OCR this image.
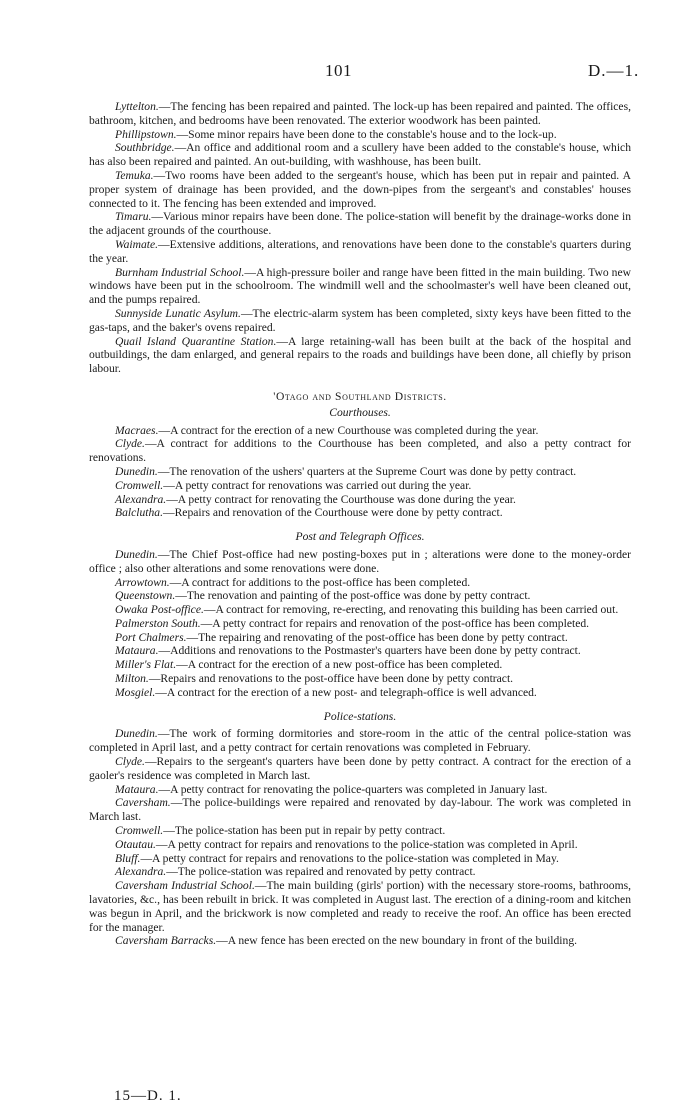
101	D.—1.

Lyttelton.—The fencing has been repaired and painted. The lock-up has been repaired and painted. The offices, bathroom, kitchen, and bedrooms have been renovated. The exterior woodwork has been painted.

Phillipstown.—Some minor repairs have been done to the constable's house and to the lock-up.

Southbridge.—An office and additional room and a scullery have been added to the constable's house, which has also been repaired and painted. An out-building, with washhouse, has been built.

Temuka.—Two rooms have been added to the sergeant's house, which has been put in repair and painted. A proper system of drainage has been provided, and the down-pipes from the sergeant's and constables' houses connected to it. The fencing has been extended and improved.

Timaru.—Various minor repairs have been done. The police-station will benefit by the drainage-works done in the adjacent grounds of the courthouse.

Waimate.—Extensive additions, alterations, and renovations have been done to the constable's quarters during the year.

Burnham Industrial School.—A high-pressure boiler and range have been fitted in the main building. Two new windows have been put in the schoolroom. The windmill well and the schoolmaster's well have been cleaned out, and the pumps repaired.

Sunnyside Lunatic Asylum.—The electric-alarm system has been completed, sixty keys have been fitted to the gas-taps, and the baker's ovens repaired.

Quail Island Quarantine Station.—A large retaining-wall has been built at the back of the hospital and outbuildings, the dam enlarged, and general repairs to the roads and buildings have been done, all chiefly by prison labour.

'Otago and Southland Districts.
Courthouses.

Macraes.—A contract for the erection of a new Courthouse was completed during the year.

Clyde.—A contract for additions to the Courthouse has been completed, and also a petty contract for renovations.

Dunedin.—The renovation of the ushers' quarters at the Supreme Court was done by petty contract.

Cromwell.—A petty contract for renovations was carried out during the year.

Alexandra.—A petty contract for renovating the Courthouse was done during the year.

Balclutha.—Repairs and renovation of the Courthouse were done by petty contract.

Post and Telegraph Offices.

Dunedin.—The Chief Post-office had new posting-boxes put in ; alterations were done to the money-order office ; also other alterations and some renovations were done.

Arrowtown.—A contract for additions to the post-office has been completed.

Queenstown.—The renovation and painting of the post-office was done by petty contract.

Owaka Post-office.—A contract for removing, re-erecting, and renovating this building has been carried out.

Palmerston South.—A petty contract for repairs and renovation of the post-office has been completed.

Port Chalmers.—The repairing and renovating of the post-office has been done by petty contract.

Mataura.—Additions and renovations to the Postmaster's quarters have been done by petty contract.

Miller's Flat.—A contract for the erection of a new post-office has been completed.

Milton.—Repairs and renovations to the post-office have been done by petty contract.

Mosgiel.—A contract for the erection of a new post- and telegraph-office is well advanced.

Police-stations.

Dunedin.—The work of forming dormitories and store-room in the attic of the central police-station was completed in April last, and a petty contract for certain renovations was completed in February.

Clyde.—Repairs to the sergeant's quarters have been done by petty contract. A contract for the erection of a gaoler's residence was completed in March last.

Mataura.—A petty contract for renovating the police-quarters was completed in January last.

Caversham.—The police-buildings were repaired and renovated by day-labour. The work was completed in March last.

Cromwell.—The police-station has been put in repair by petty contract.

Otautau.—A petty contract for repairs and renovations to the police-station was completed in April.

Bluff.—A petty contract for repairs and renovations to the police-station was completed in May.

Alexandra.—The police-station was repaired and renovated by petty contract.

Caversham Industrial School.—The main building (girls' portion) with the necessary store-rooms, bathrooms, lavatories, &c., has been rebuilt in brick. It was completed in August last. The erection of a dining-room and kitchen was begun in April, and the brickwork is now completed and ready to receive the roof. An office has been erected for the manager.

Caversham Barracks.—A new fence has been erected on the new boundary in front of the building.

15—D. 1.
